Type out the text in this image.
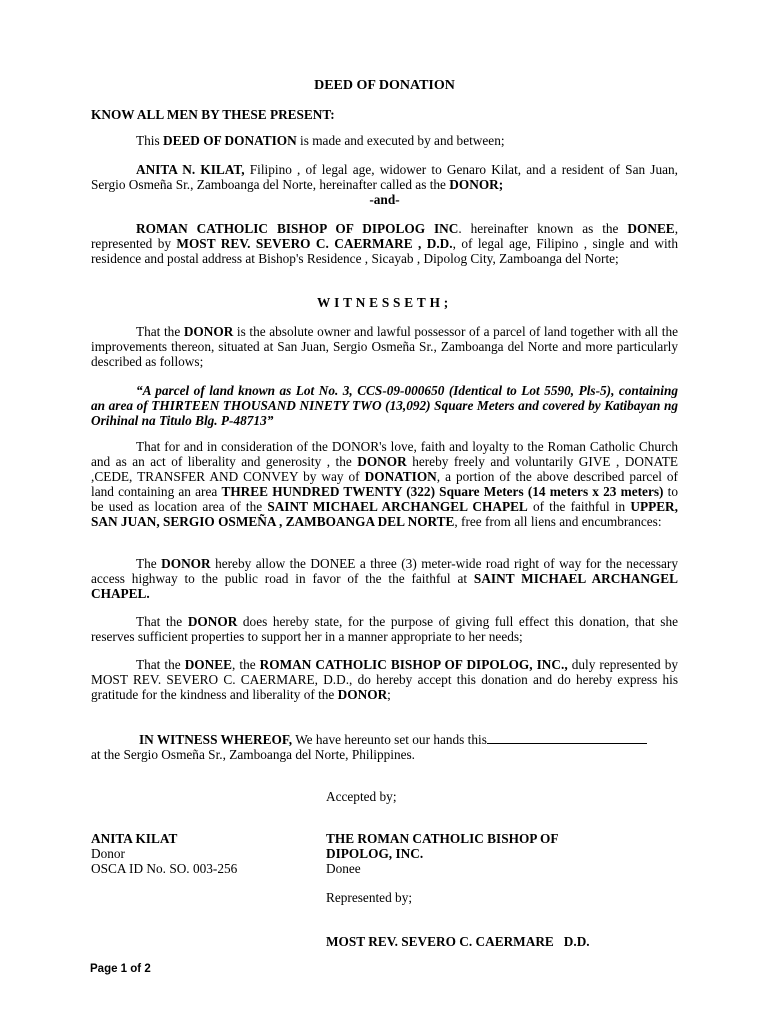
DEED OF DONATION
KNOW ALL MEN BY THESE PRESENT:

This DEED OF DONATION is made and executed by and between;

ANITA N. KILAT, Filipino , of legal age, widower to Genaro Kilat, and a resident of San Juan, Sergio Osmeña Sr., Zamboanga del Norte, hereinafter called as the DONOR;

-and-

ROMAN CATHOLIC BISHOP OF DIPOLOG INC. hereinafter known as the DONEE, represented by MOST REV. SEVERO C. CAERMARE , D.D., of legal age, Filipino , single and with residence and postal address at Bishop's Residence , Sicayab , Dipolog City, Zamboanga del Norte;

WITNESSETH;

That the DONOR is the absolute owner and lawful possessor of a parcel of land together with all the improvements thereon, situated at San Juan, Sergio Osmeña Sr., Zamboanga del Norte and more particularly described as follows;

“A parcel of land known as Lot No. 3, CCS-09-000650 (Identical to Lot 5590, Pls-5), containing an area of THIRTEEN THOUSAND NINETY TWO (13,092) Square Meters and covered by Katibayan ng Orihinal na Titulo Blg. P-48713”

That for and in consideration of the DONOR's love, faith and loyalty to the Roman Catholic Church and as an act of liberality and generosity , the DONOR hereby freely and voluntarily GIVE , DONATE ,CEDE, TRANSFER AND CONVEY by way of DONATION, a portion of the above described parcel of land containing an area THREE HUNDRED TWENTY (322) Square Meters (14 meters x 23 meters) to be used as location area of the SAINT MICHAEL ARCHANGEL CHAPEL of the faithful in UPPER, SAN JUAN, SERGIO OSMEÑA , ZAMBOANGA DEL NORTE, free from all liens and encumbrances:

The DONOR hereby allow the DONEE a three (3) meter-wide road right of way for the necessary access highway to the public road in favor of the the faithful at SAINT MICHAEL ARCHANGEL CHAPEL.

That the DONOR does hereby state, for the purpose of giving full effect this donation, that she reserves sufficient properties to support her in a manner appropriate to her needs;

That the DONEE, the ROMAN CATHOLIC BISHOP OF DIPOLOG, INC., duly represented by MOST REV. SEVERO C. CAERMARE, D.D., do hereby accept this donation and do hereby express his gratitude for the kindness and liberality of the DONOR;

IN WITNESS WHEREOF, We have hereunto set our hands this

at the Sergio Osmeña Sr., Zamboanga del Norte, Philippines.
Accepted by;
ANITA KILAT
Donor
OSCA ID No. SO. 003-256
THE ROMAN CATHOLIC BISHOP OF
DIPOLOG, INC.
Donee
Represented by;
MOST REV. SEVERO C. CAERMARE   D.D.
Page 1 of 2
